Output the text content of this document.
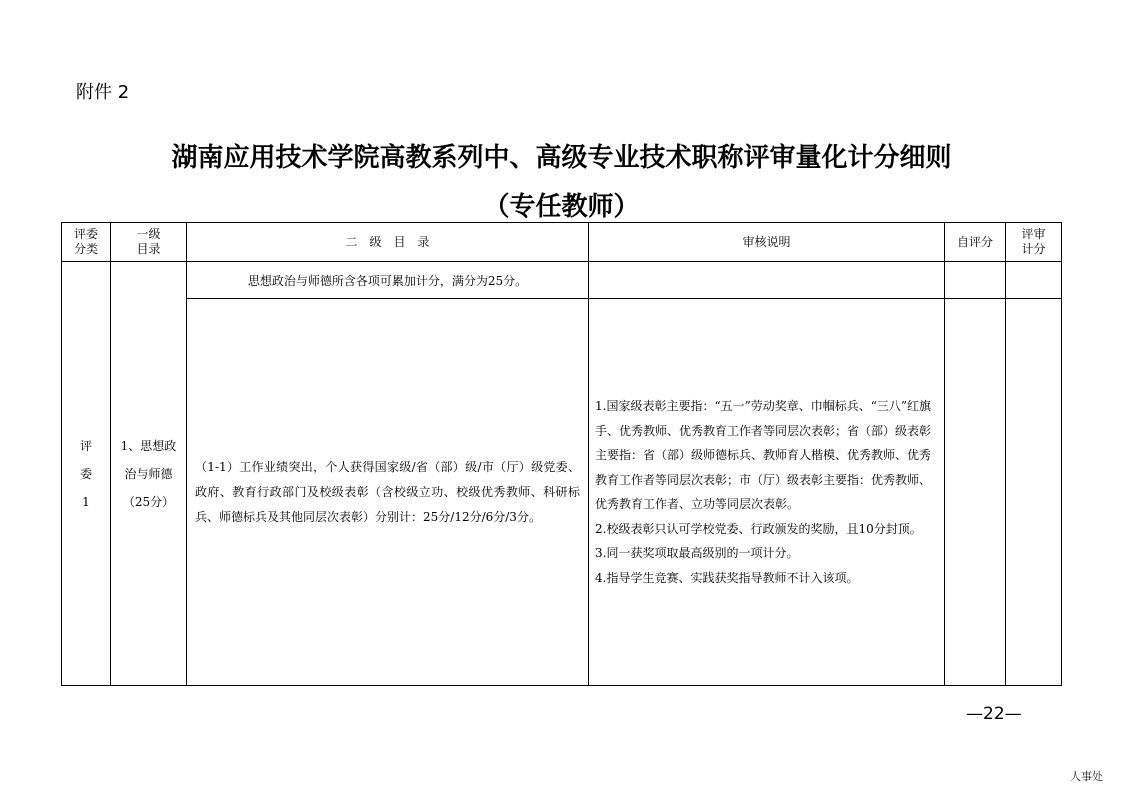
附件 2
湖南应用技术学院高教系列中、高级专业技术职称评审量化计分细则
（专任教师）
评委分类	一级目录	二　级　目　录	审核说明	自评分	评审计分
评委1	1、思想政治与师德（25分）	思想政治与师德所含各项可累加计分，满分为25分。			
		（1-1）工作业绩突出，个人获得国家级/省（部）级/市（厅）级党委、政府、教育行政部门及校级表彰（含校级立功、校级优秀教师、科研标兵、师德标兵及其他同层次表彰）分别计：25分/12分/6分/3分。	1.国家级表彰主要指：“五一”劳动奖章、巾帼标兵、“三八”红旗手、优秀教师、优秀教育工作者等同层次表彰；省（部）级表彰主要指：省（部）级师德标兵、教师育人楷模、优秀教师、优秀教育工作者等同层次表彰；市（厅）级表彰主要指：优秀教师、优秀教育工作者、立功等同层次表彰。

2.校级表彰只认可学校党委、行政颁发的奖励，且10分封顶。

3.同一获奖项取最高级别的一项计分。

4.指导学生竞赛、实践获奖指导教师不计入该项。		

—22—
人事处
